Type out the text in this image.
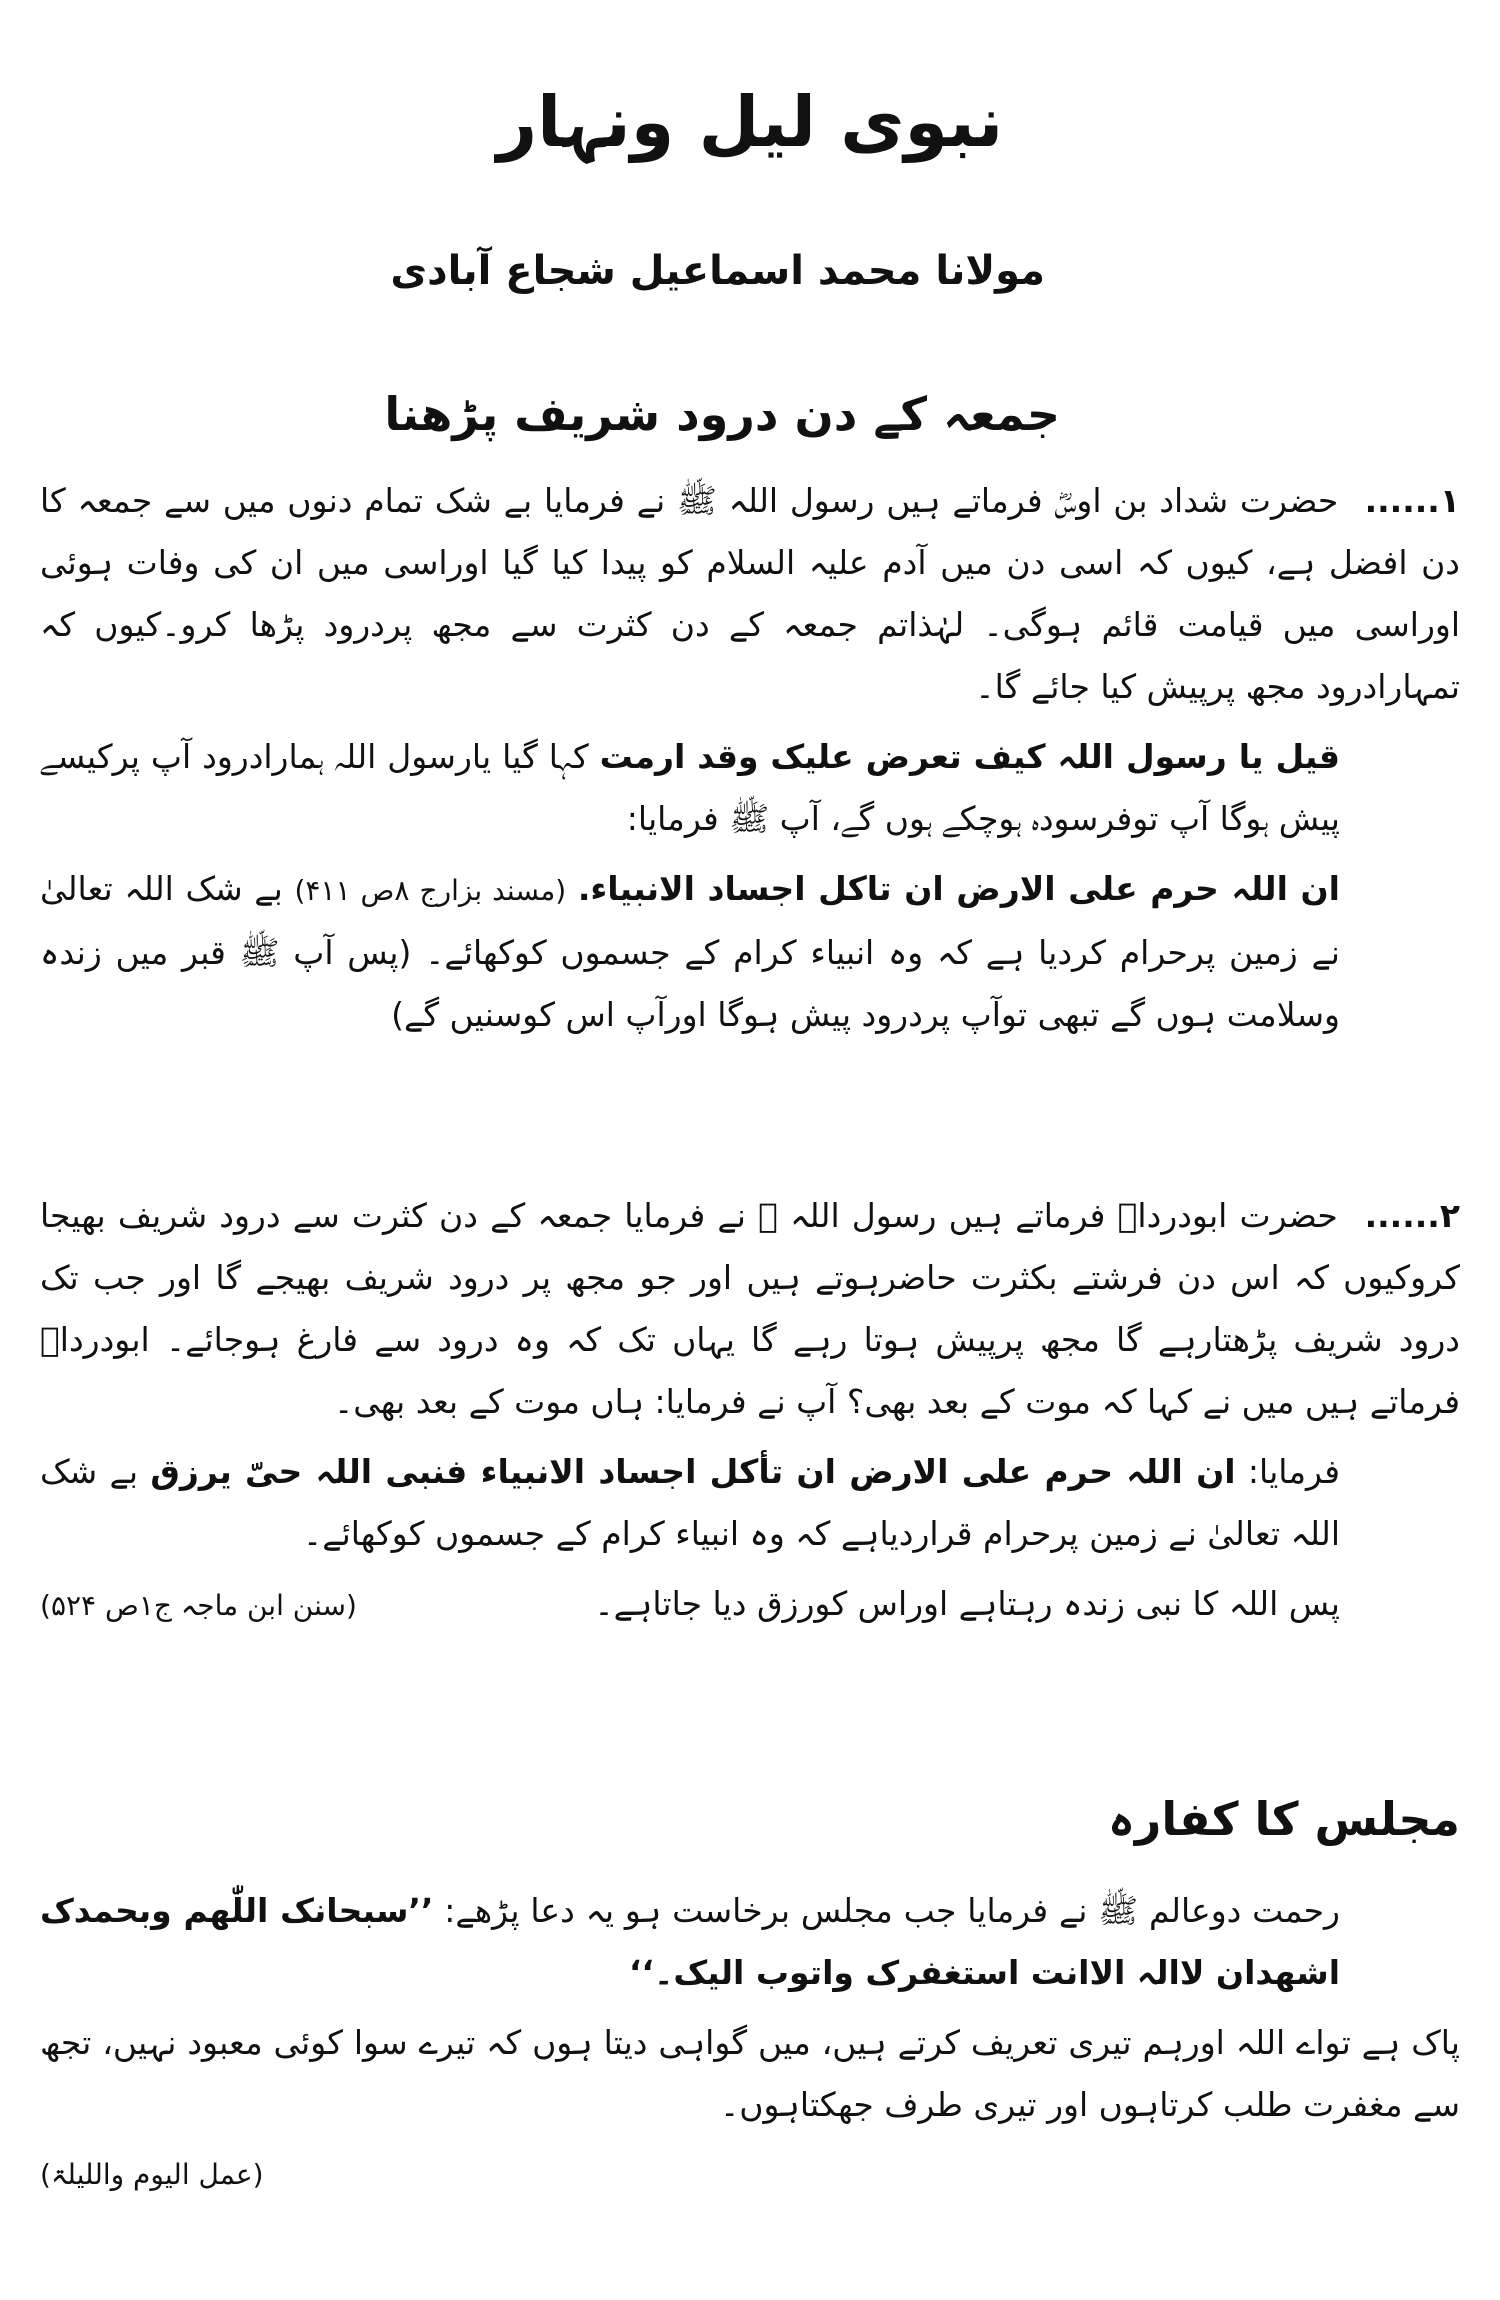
نبوی لیل ونہار
مولانا محمد اسماعیل شجاع آبادی
جمعہ کے دن درود شریف پڑھنا

۱...... حضرت شداد بن اوسؓ فرماتے ہیں رسول اللہ ﷺ نے فرمایا بے شک تمام دنوں میں سے جمعہ کا دن افضل ہے، کیوں کہ اسی دن میں آدم علیہ السلام کو پیدا کیا گیا اوراسی میں ان کی وفات ہوئی اوراسی میں قیامت قائم ہوگی۔ لہٰذاتم جمعہ کے دن کثرت سے مجھ پردرود پڑھا کرو۔کیوں کہ تمہارادرود مجھ پرپیش کیا جائے گا۔

قیل یا رسول اللہ کیف تعرض علیک وقد ارمت کہا گیا یارسول اللہ ہمارادرود آپ پرکیسے پیش ہوگا آپ توفرسودہ ہوچکے ہوں گے، آپ ﷺ فرمایا:

ان اللہ حرم علی الارض ان تاکل اجساد الانبیاء. (مسند بزارج ۸ص ۴۱۱) بے شک اللہ تعالیٰ نے زمین پرحرام کردیا ہے کہ وہ انبیاء کرام کے جسموں کوکھائے۔ (پس آپ ﷺ قبر میں زندہ وسلامت ہوں گے تبھی توآپ پردرود پیش ہوگا اورآپ اس کوسنیں گے)

۲...... حضرت ابودرداؓ فرماتے ہیں رسول اللہ ﷺ نے فرمایا جمعہ کے دن کثرت سے درود شریف بھیجا کروکیوں کہ اس دن فرشتے بکثرت حاضرہوتے ہیں اور جو مجھ پر درود شریف بھیجے گا اور جب تک درود شریف پڑھتارہے گا مجھ پرپیش ہوتا رہے گا یہاں تک کہ وہ درود سے فارغ ہوجائے۔ ابودرداؓ فرماتے ہیں میں نے کہا کہ موت کے بعد بھی؟ آپ نے فرمایا: ہاں موت کے بعد بھی۔

فرمایا: ان اللہ حرم علی الارض ان تأکل اجساد الانبیاء فنبی اللہ حیّ یرزق بے شک اللہ تعالیٰ نے زمین پرحرام قراردیاہے کہ وہ انبیاء کرام کے جسموں کوکھائے۔

پس اللہ کا نبی زندہ رہتاہے اوراس کورزق دیا جاتاہے۔
(سنن ابن ماجہ ج۱ص ۵۲۴)
مجلس کا کفارہ

رحمت دوعالم ﷺ نے فرمایا جب مجلس برخاست ہو یہ دعا پڑھے: ’’سبحانک اللّٰھم وبحمدک اشھدان لاالہ الاانت استغفرک واتوب الیک۔‘‘

پاک ہے تواے اللہ اورہم تیری تعریف کرتے ہیں، میں گواہی دیتا ہوں کہ تیرے سوا کوئی معبود نہیں، تجھ سے مغفرت طلب کرتاہوں اور تیری طرف جھکتاہوں۔

(عمل الیوم واللیلۃ)
